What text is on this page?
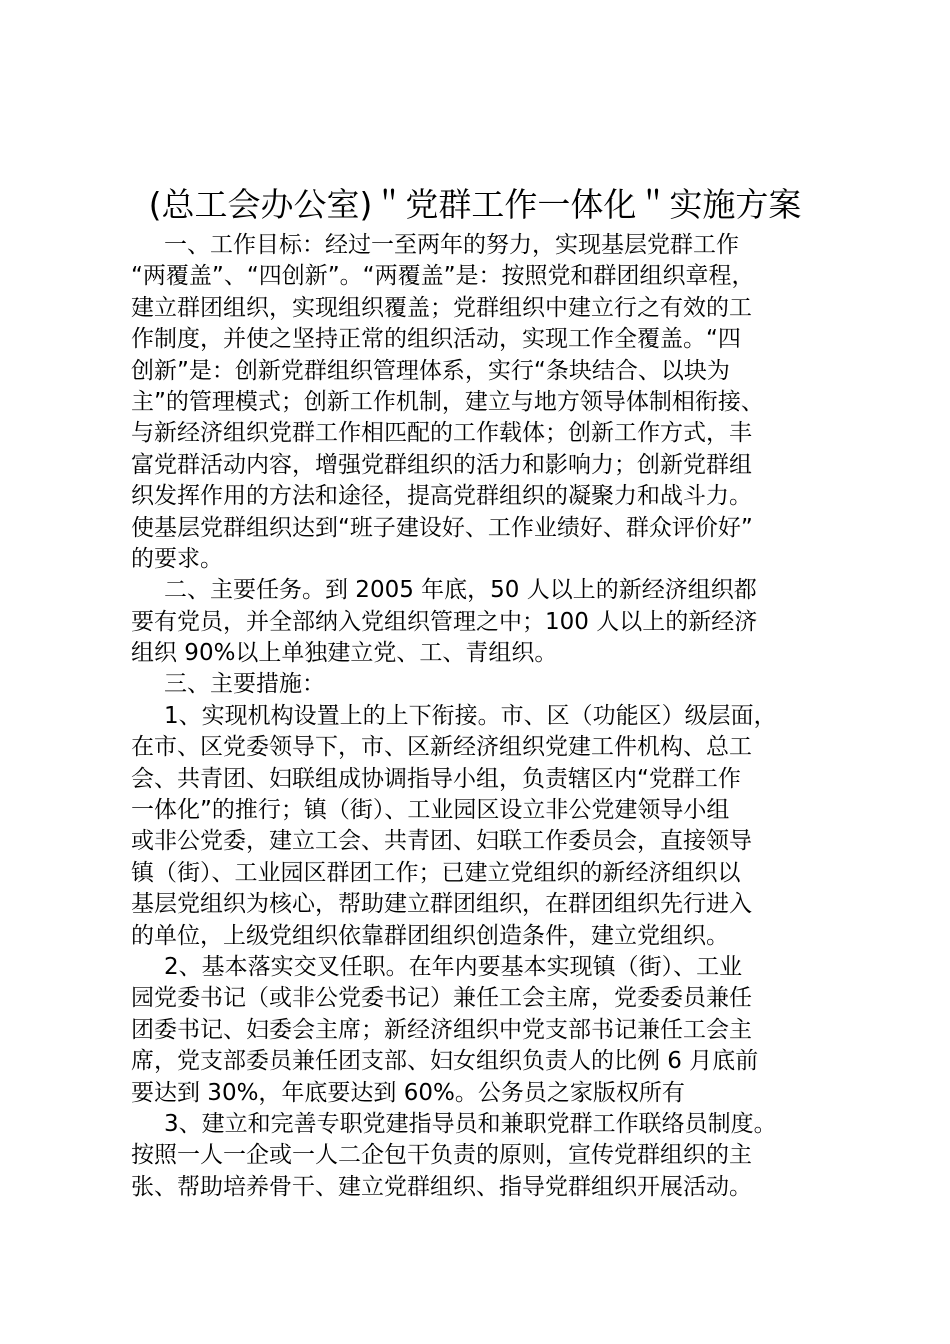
(总工会办公室)＂党群工作一体化＂实施方案
一、工作目标：经过一至两年的努力，实现基层党群工作
“两覆盖”、“四创新”。“两覆盖”是：按照党和群团组织章程，
建立群团组织，实现组织覆盖；党群组织中建立行之有效的工
作制度，并使之坚持正常的组织活动，实现工作全覆盖。“四
创新”是：创新党群组织管理体系，实行“条块结合、以块为
主”的管理模式；创新工作机制，建立与地方领导体制相衔接、
与新经济组织党群工作相匹配的工作载体；创新工作方式，丰
富党群活动内容，增强党群组织的活力和影响力；创新党群组
织发挥作用的方法和途径，提高党群组织的凝聚力和战斗力。
使基层党群组织达到“班子建设好、工作业绩好、群众评价好”
的要求。
二、主要任务。到 2005 年底，50 人以上的新经济组织都
要有党员，并全部纳入党组织管理之中；100 人以上的新经济
组织 90%以上单独建立党、工、青组织。
三、主要措施：
1、实现机构设置上的上下衔接。市、区（功能区）级层面，
在市、区党委领导下，市、区新经济组织党建工件机构、总工
会、共青团、妇联组成协调指导小组，负责辖区内“党群工作
一体化”的推行；镇（街）、工业园区设立非公党建领导小组
或非公党委，建立工会、共青团、妇联工作委员会，直接领导
镇（街）、工业园区群团工作；已建立党组织的新经济组织以
基层党组织为核心，帮助建立群团组织，在群团组织先行进入
的单位，上级党组织依靠群团组织创造条件，建立党组织。
2、基本落实交叉任职。在年内要基本实现镇（街）、工业
园党委书记（或非公党委书记）兼任工会主席，党委委员兼任
团委书记、妇委会主席；新经济组织中党支部书记兼任工会主
席，党支部委员兼任团支部、妇女组织负责人的比例 6 月底前
要达到 30%，年底要达到 60%。公务员之家版权所有
3、建立和完善专职党建指导员和兼职党群工作联络员制度。
按照一人一企或一人二企包干负责的原则，宣传党群组织的主
张、帮助培养骨干、建立党群组织、指导党群组织开展活动。
